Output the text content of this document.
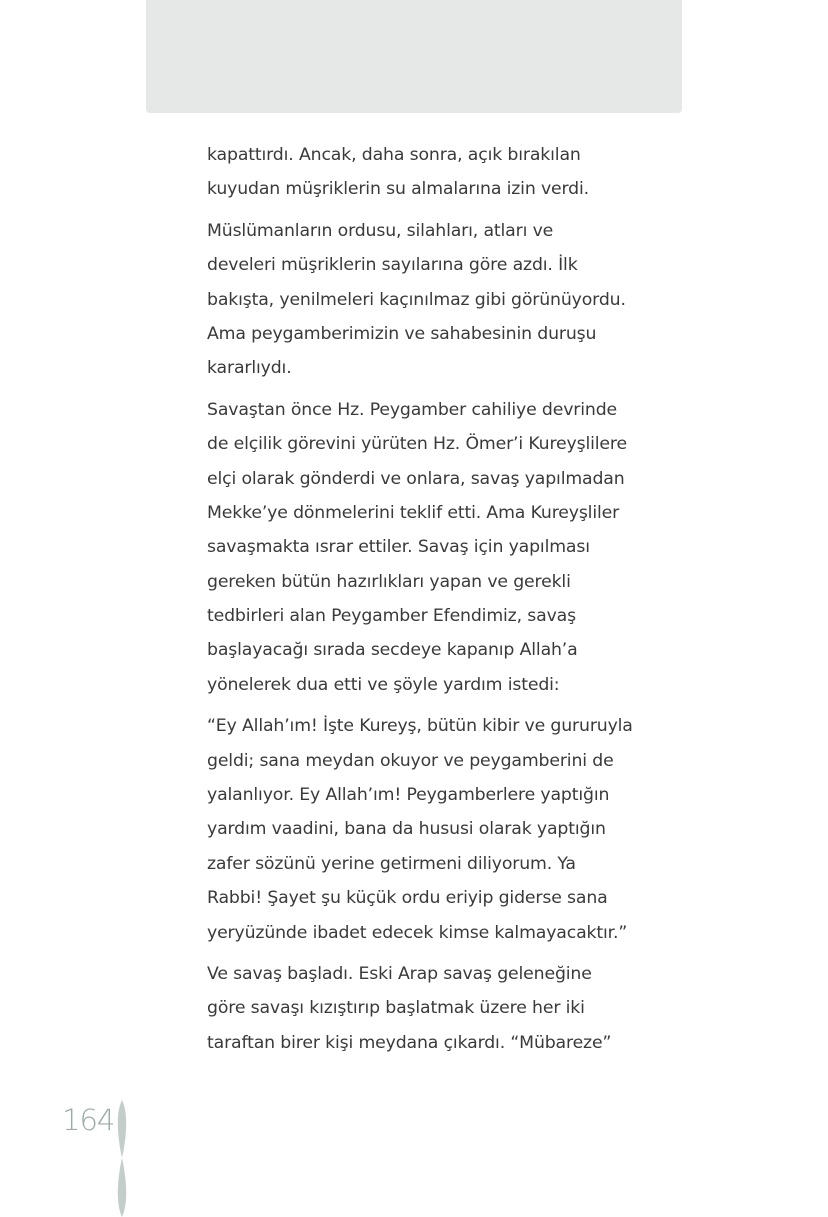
kapattırdı. Ancak, daha sonra, açık bırakılan
kuyudan müşriklerin su almalarına izin verdi.

Müslümanların ordusu, silahları, atları ve
develeri müşriklerin sayılarına göre azdı. İlk
bakışta, yenilmeleri kaçınılmaz gibi görünüyordu.
Ama peygamberimizin ve sahabesinin duruşu
kararlıydı.

Savaştan önce Hz. Peygamber cahiliye devrinde
de elçilik görevini yürüten Hz. Ömer’i Kureyşlilere
elçi olarak gönderdi ve onlara, savaş yapılmadan
Mekke’ye dönmelerini teklif etti. Ama Kureyşliler
savaşmakta ısrar ettiler. Savaş için yapılması
gereken bütün hazırlıkları yapan ve gerekli
tedbirleri alan Peygamber Efendimiz, savaş
başlayacağı sırada secdeye kapanıp Allah’a
yönelerek dua etti ve şöyle yardım istedi:

“Ey Allah’ım! İşte Kureyş, bütün kibir ve gururuyla
geldi; sana meydan okuyor ve peygamberini de
yalanlıyor. Ey Allah’ım! Peygamberlere yaptığın
yardım vaadini, bana da hususi olarak yaptığın
zafer sözünü yerine getirmeni diliyorum. Ya
Rabbi! Şayet şu küçük ordu eriyip giderse sana
yeryüzünde ibadet edecek kimse kalmayacaktır.”

Ve savaş başladı. Eski Arap savaş geleneğine
göre savaşı kızıştırıp başlatmak üzere her iki
taraftan birer kişi meydana çıkardı. “Mübareze”

164
